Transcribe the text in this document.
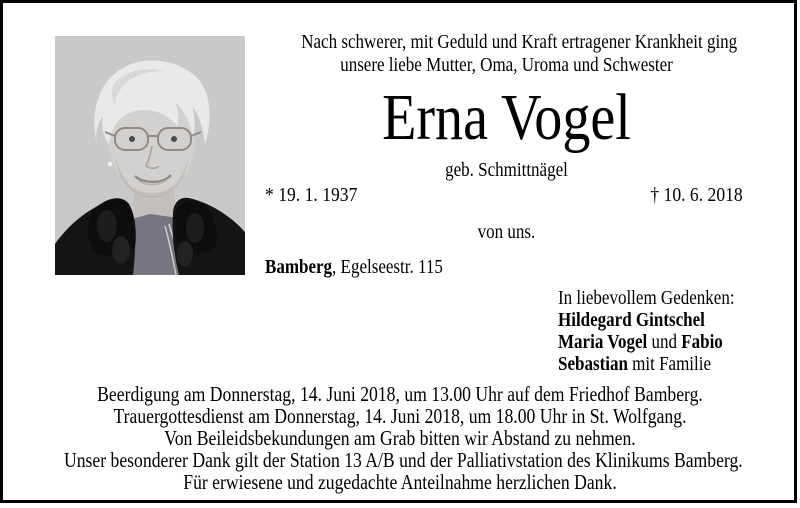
Nach schwerer, mit Geduld und Kraft ertragener Krankheit ging
unsere liebe Mutter, Oma, Uroma und Schwester
Erna Vogel
geb. Schmittnägel
* 19. 1. 1937	† 10. 6. 2018
von uns.
Bamberg, Egelseestr. 115
In liebevollem Gedenken:
Hildegard Gintschel
Maria Vogel und Fabio
Sebastian mit Familie
Beerdigung am Donnerstag, 14. Juni 2018, um 13.00 Uhr auf dem Friedhof Bamberg.
Trauergottesdienst am Donnerstag, 14. Juni 2018, um 18.00 Uhr in St. Wolfgang.
Von Beileidsbekundungen am Grab bitten wir Abstand zu nehmen.
Unser besonderer Dank gilt der Station 13 A/B und der Palliativstation des Klinikums Bamberg.
Für erwiesene und zugedachte Anteilnahme herzlichen Dank.
